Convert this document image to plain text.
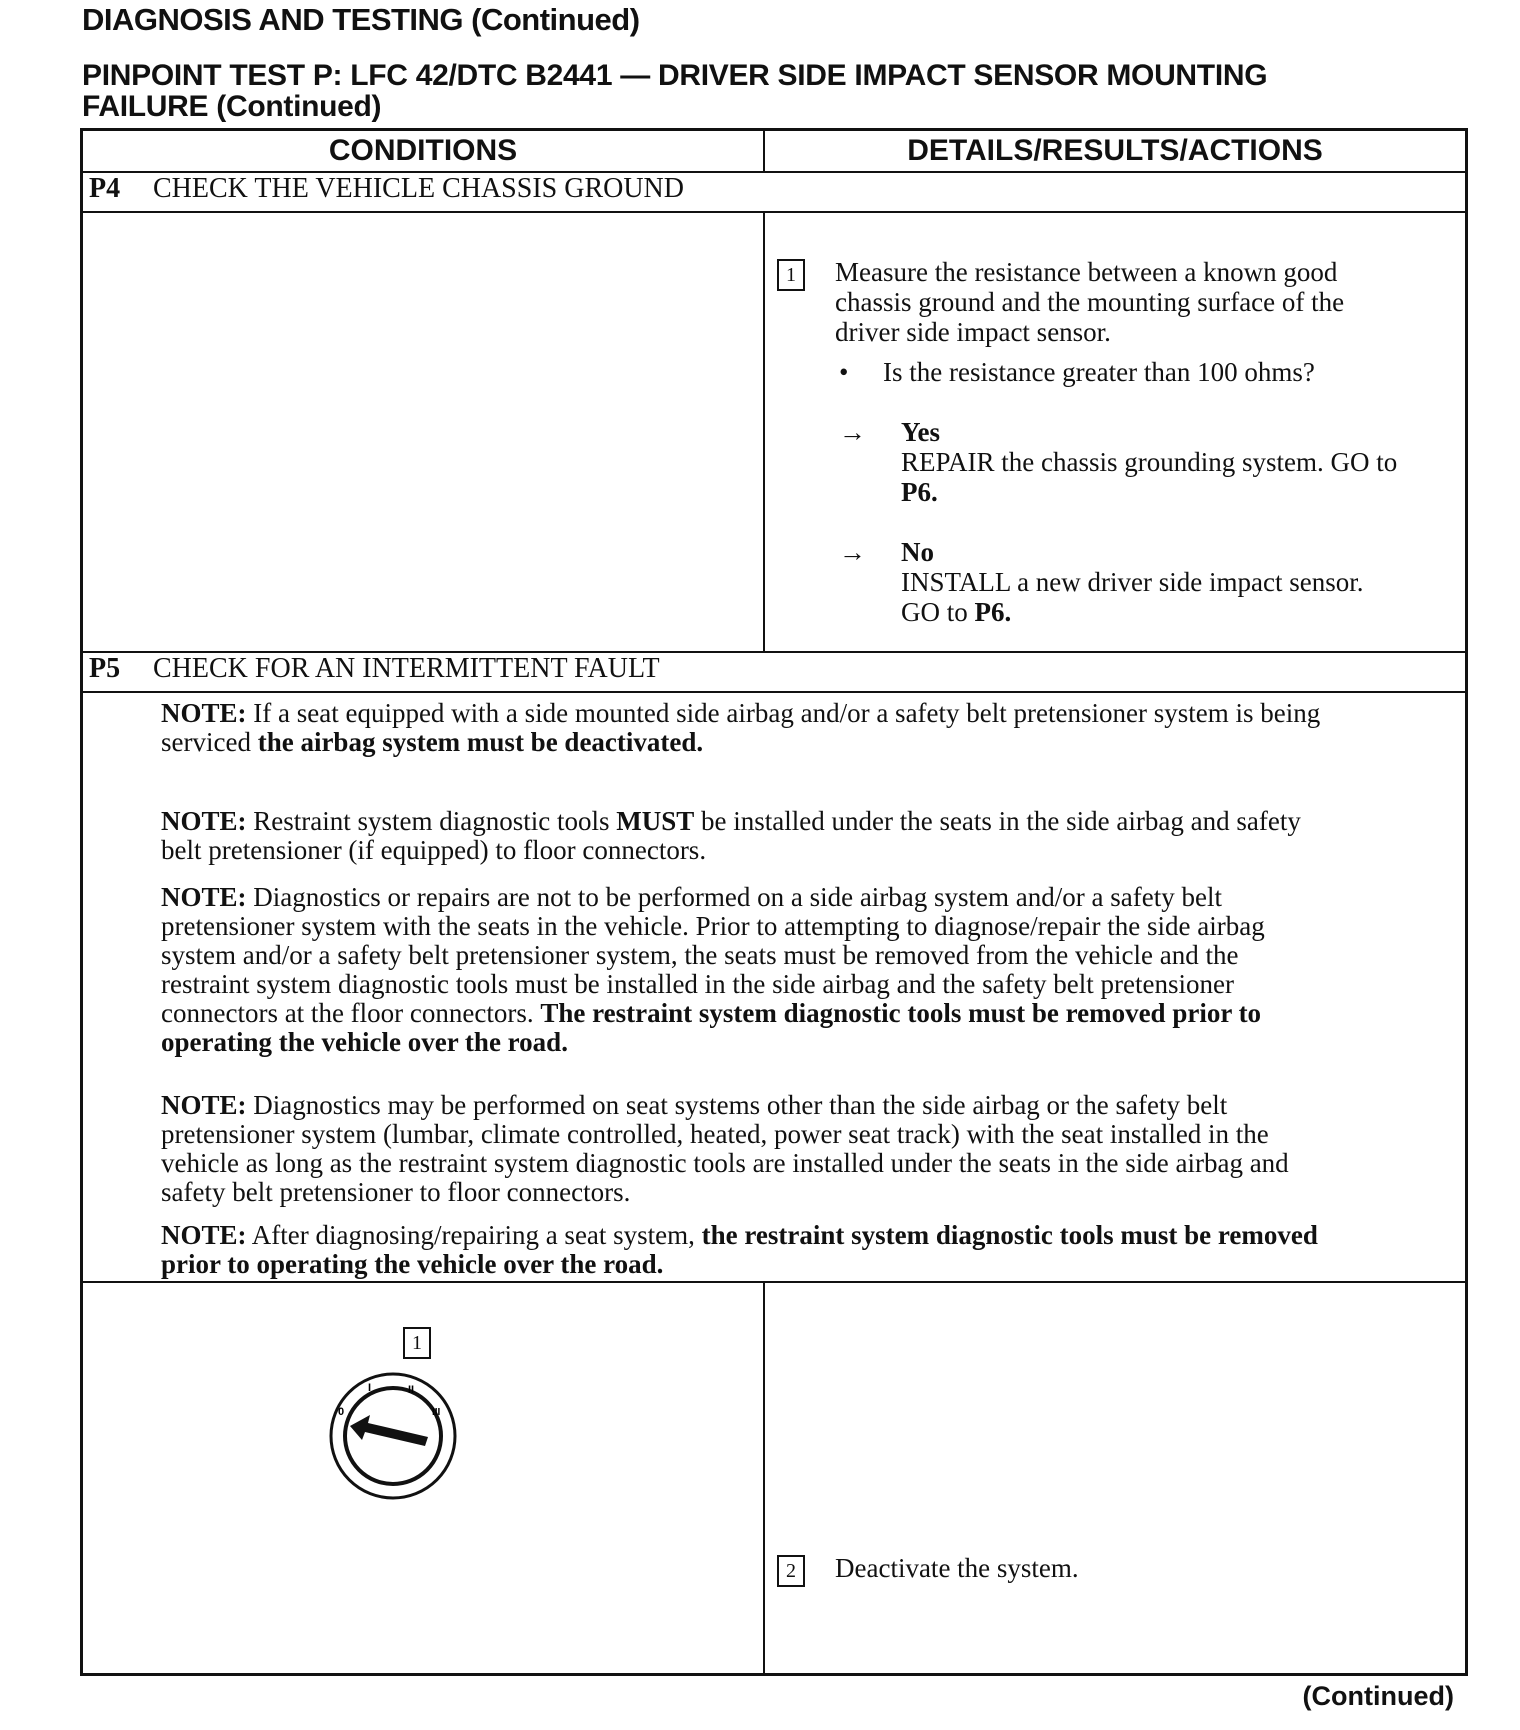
DIAGNOSIS AND TESTING (Continued)
PINPOINT TEST P: LFC 42/DTC B2441 — DRIVER SIDE IMPACT SENSOR MOUNTING
FAILURE (Continued)
CONDITIONS	DETAILS/RESULTS/ACTIONS
P4 CHECK THE VEHICLE CHASSIS GROUND
1 Measure the resistance between a known good
chassis ground and the mounting surface of the
driver side impact sensor.
• Is the resistance greater than 100 ohms?
→ Yes
REPAIR the chassis grounding system. GO to
P6.
→ No
INSTALL a new driver side impact sensor.
GO to P6.
P5 CHECK FOR AN INTERMITTENT FAULT
NOTE: If a seat equipped with a side mounted side airbag and/or a safety belt pretensioner system is being
serviced the airbag system must be deactivated.
NOTE: Restraint system diagnostic tools MUST be installed under the seats in the side airbag and safety
belt pretensioner (if equipped) to floor connectors.
NOTE: Diagnostics or repairs are not to be performed on a side airbag system and/or a safety belt
pretensioner system with the seats in the vehicle. Prior to attempting to diagnose/repair the side airbag
system and/or a safety belt pretensioner system, the seats must be removed from the vehicle and the
restraint system diagnostic tools must be installed in the side airbag and the safety belt pretensioner
connectors at the floor connectors. The restraint system diagnostic tools must be removed prior to
operating the vehicle over the road.
NOTE: Diagnostics may be performed on seat systems other than the side airbag or the safety belt
pretensioner system (lumbar, climate controlled, heated, power seat track) with the seat installed in the
vehicle as long as the restraint system diagnostic tools are installed under the seats in the side airbag and
safety belt pretensioner to floor connectors.
NOTE: After diagnosing/repairing a seat system, the restraint system diagnostic tools must be removed
prior to operating the vehicle over the road.
1
0
I	II
III
2 Deactivate the system.
(Continued)
